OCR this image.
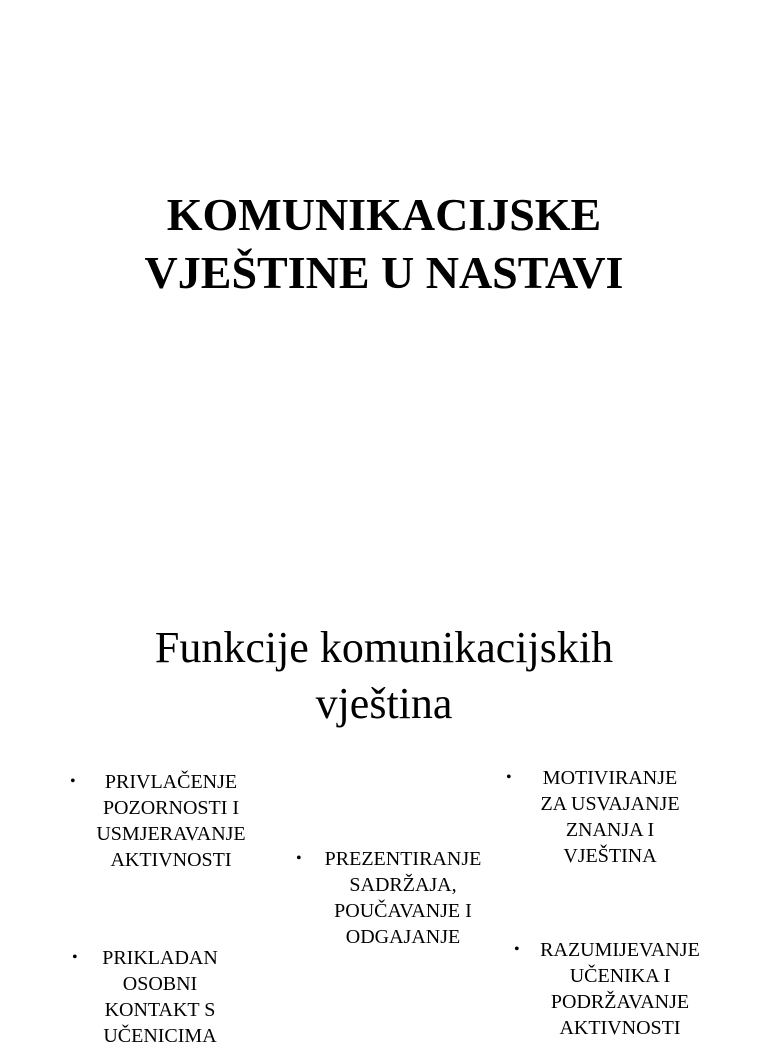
KOMUNIKACIJSKE
VJEŠTINE U NASTAVI
Funkcije komunikacijskih
vještina
•	PRIVLAČENJE
POZORNOSTI I
USMJERAVANJE
AKTIVNOSTI	•	PREZENTIRANJE
SADRŽAJA,
POUČAVANJE I
ODGAJANJE
•	MOTIVIRANJE
ZA USVAJANJE
ZNANJA I
VJEŠTINA
•	PRIKLADAN
OSOBNI
KONTAKT S
UČENICIMA
•	RAZUMIJEVANJE
UČENIKA I
PODRŽAVANJE
AKTIVNOSTI
